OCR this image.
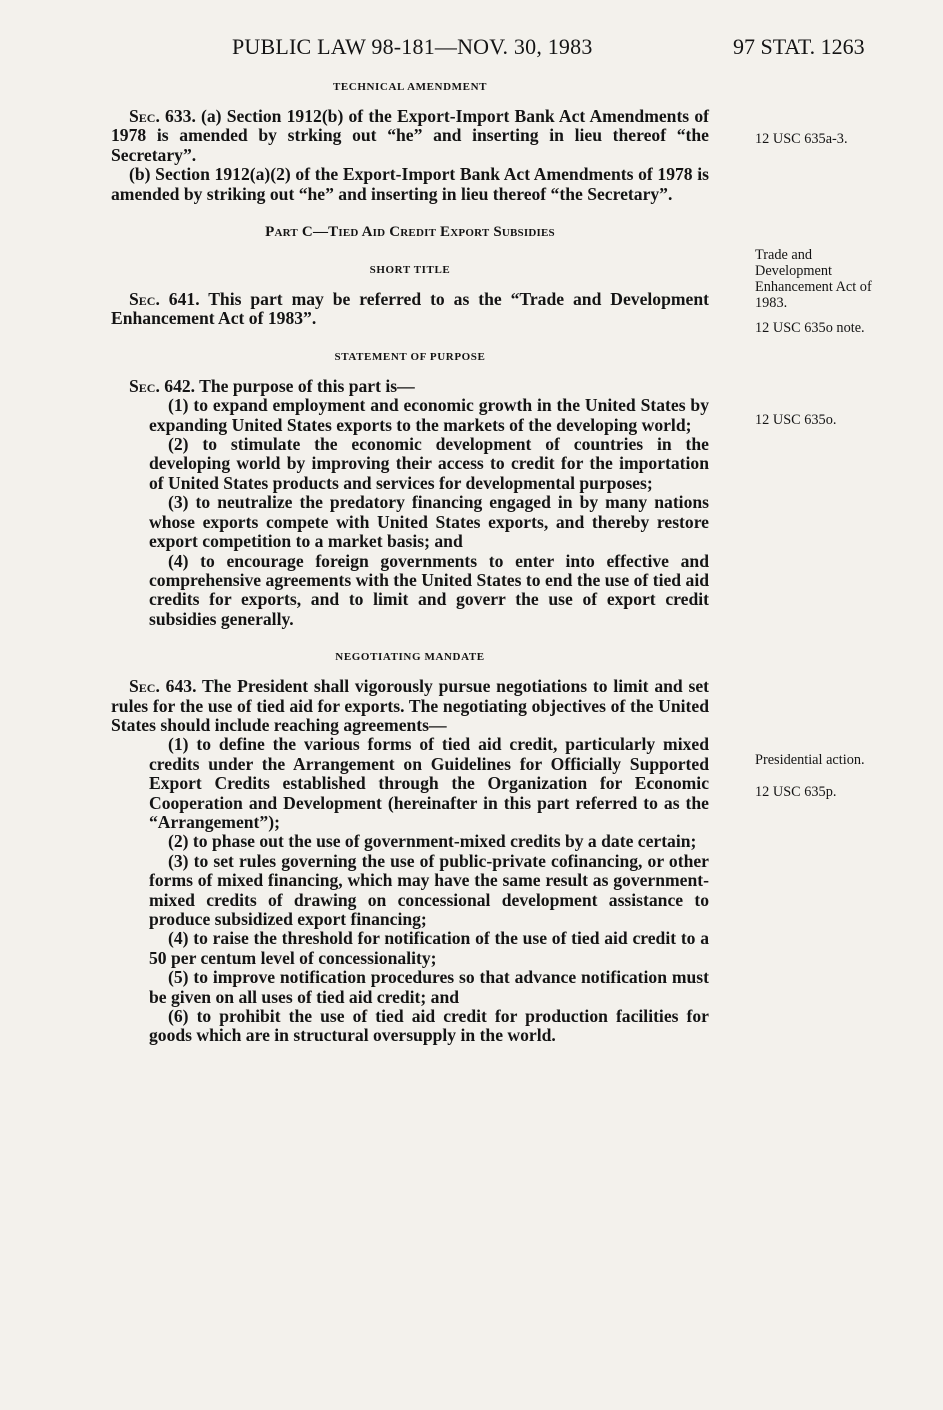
PUBLIC LAW 98-181—NOV. 30, 1983	97 STAT. 1263
TECHNICAL AMENDMENT

Sec. 633. (a) Section 1912(b) of the Export-Import Bank Act Amendments of 1978 is amended by strking out “he” and inserting in lieu thereof “the Secretary”.

(b) Section 1912(a)(2) of the Export-Import Bank Act Amendments of 1978 is amended by striking out “he” and inserting in lieu thereof “the Secretary”.

Part C—Tied Aid Credit Export Subsidies
SHORT TITLE

Sec. 641. This part may be referred to as the “Trade and Development Enhancement Act of 1983”.

STATEMENT OF PURPOSE

Sec. 642. The purpose of this part is—

(1) to expand employment and economic growth in the United States by expanding United States exports to the markets of the developing world;

(2) to stimulate the economic development of countries in the developing world by improving their access to credit for the importation of United States products and services for developmental purposes;

(3) to neutralize the predatory financing engaged in by many nations whose exports compete with United States exports, and thereby restore export competition to a market basis; and

(4) to encourage foreign governments to enter into effective and comprehensive agreements with the United States to end the use of tied aid credits for exports, and to limit and goverr the use of export credit subsidies generally.

NEGOTIATING MANDATE

Sec. 643. The President shall vigorously pursue negotiations to limit and set rules for the use of tied aid for exports. The negotiating objectives of the United States should include reaching agreements—

(1) to define the various forms of tied aid credit, particularly mixed credits under the Arrangement on Guidelines for Officially Supported Export Credits established through the Organization for Economic Cooperation and Development (hereinafter in this part referred to as the “Arrangement”);

(2) to phase out the use of government-mixed credits by a date certain;

(3) to set rules governing the use of public-private cofinancing, or other forms of mixed financing, which may have the same result as government-mixed credits of drawing on concessional development assistance to produce subsidized export financing;

(4) to raise the threshold for notification of the use of tied aid credit to a 50 per centum level of concessionality;

(5) to improve notification procedures so that advance notification must be given on all uses of tied aid credit; and

(6) to prohibit the use of tied aid credit for production facilities for goods which are in structural oversupply in the world.

12 USC 635a-3.
Trade and Development Enhancement Act of 1983.
12 USC 635o note.
12 USC 635o.
Presidential action.
12 USC 635p.
